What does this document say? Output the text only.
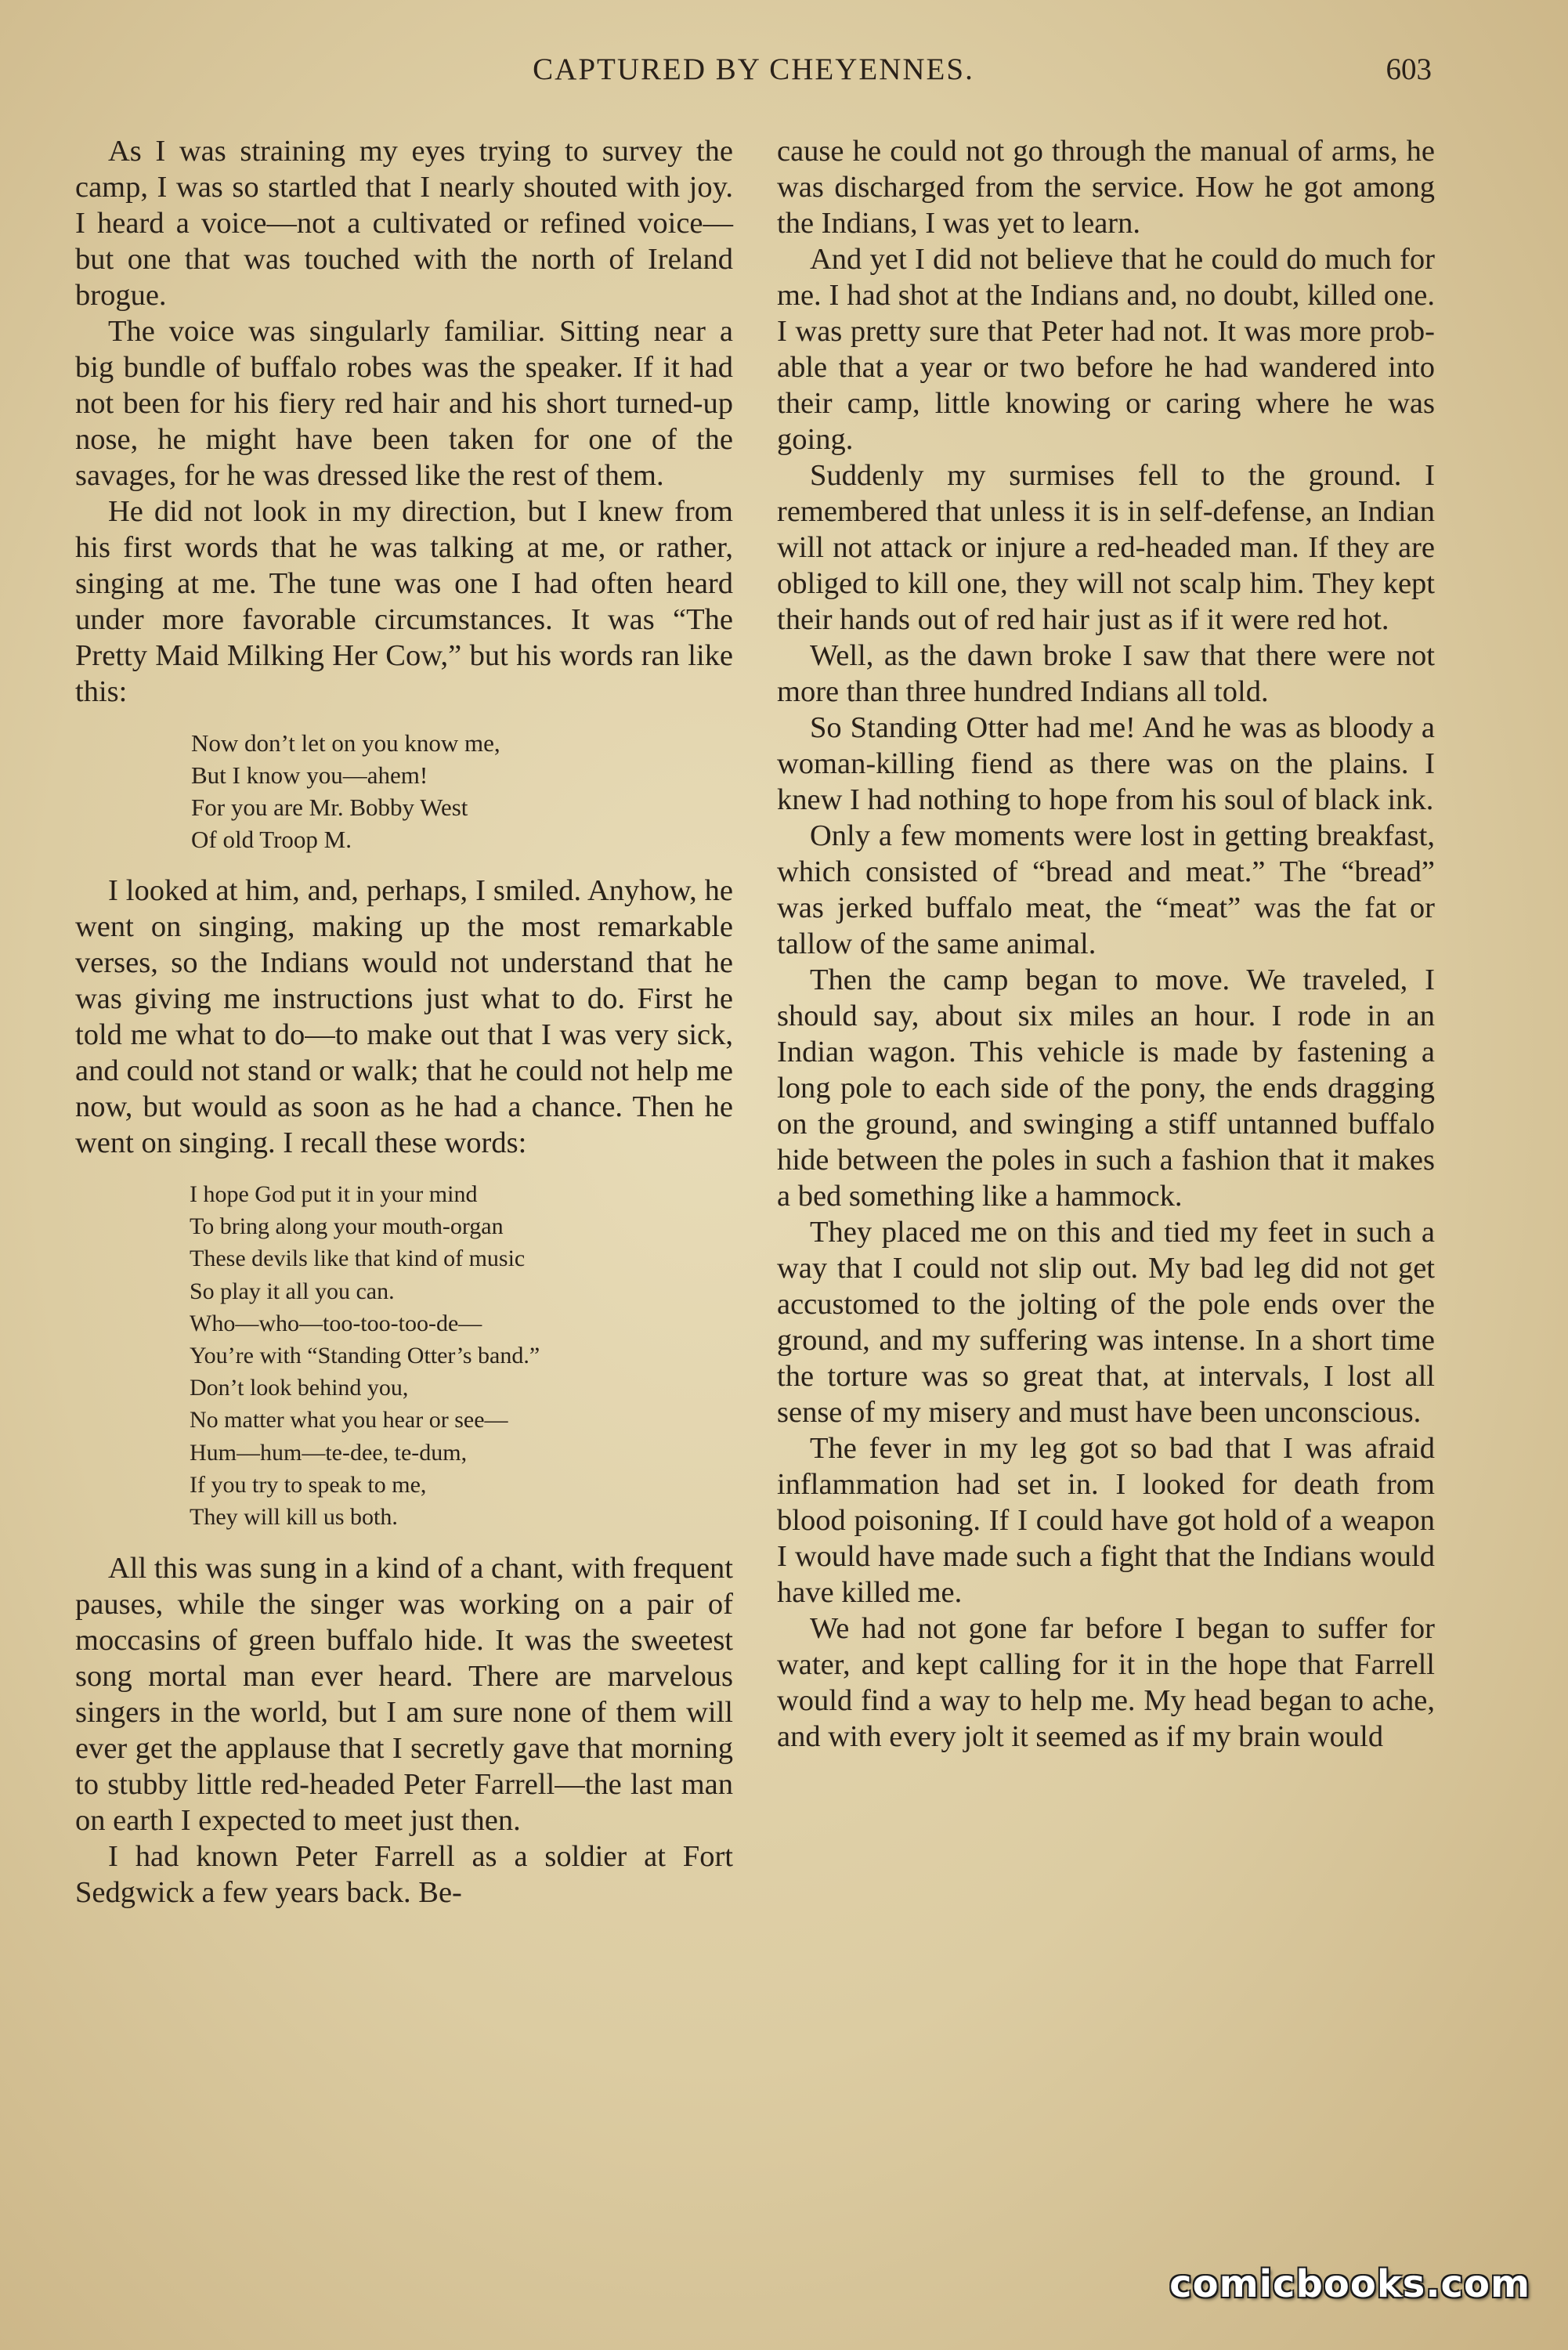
CAPTURED BY CHEYENNES.	603

As I was straining my eyes trying to survey the camp, I was so startled that I nearly shouted with joy. I heard a voice—not a cultivated or refined voice—but one that was touched with the north of Ireland brogue.

The voice was singularly familiar. Sitting near a big bundle of buffalo robes was the speaker. If it had not been for his fiery red hair and his short turned-up nose, he might have been taken for one of the savages, for he was dressed like the rest of them.

He did not look in my direction, but I knew from his first words that he was talking at me, or rather, singing at me. The tune was one I had often heard under more favorable circumstances. It was “The Pretty Maid Milking Her Cow,” but his words ran like this:

Now don’t let on you know me,
But I know you—ahem!
For you are Mr. Bobby West
Of old Troop M.

I looked at him, and, perhaps, I smiled. Anyhow, he went on singing, making up the most remarkable verses, so the Indians would not understand that he was giving me instructions just what to do. First he told me what to do—to make out that I was very sick, and could not stand or walk; that he could not help me now, but would as soon as he had a chance. Then he went on singing. I recall these words:

I hope God put it in your mind
To bring along your mouth-organ
These devils like that kind of music
So play it all you can.
Who—who—too-too-too-de—
You’re with “Standing Otter’s band.”
Don’t look behind you,
No matter what you hear or see—
Hum—hum—te-dee, te-dum,
If you try to speak to me,
They will kill us both.

All this was sung in a kind of a chant, with frequent pauses, while the singer was working on a pair of moccasins of green buffalo hide. It was the sweetest song mortal man ever heard. There are marvelous singers in the world, but I am sure none of them will ever get the applause that I secretly gave that morning to stubby little red-headed Peter Farrell—the last man on earth I expected to meet just then.

I had known Peter Farrell as a soldier at Fort Sedgwick a few years back. Be-

cause he could not go through the manual of arms, he was discharged from the service. How he got among the Indians, I was yet to learn.

And yet I did not believe that he could do much for me. I had shot at the Indians and, no doubt, killed one. I was pretty sure that Peter had not. It was more probable that a year or two before he had wandered into their camp, little knowing or caring where he was going.

Suddenly my surmises fell to the ground. I remembered that unless it is in self-defense, an Indian will not attack or injure a red-headed man. If they are obliged to kill one, they will not scalp him. They kept their hands out of red hair just as if it were red hot.

Well, as the dawn broke I saw that there were not more than three hundred Indians all told.

So Standing Otter had me! And he was as bloody a woman-killing fiend as there was on the plains. I knew I had nothing to hope from his soul of black ink.

Only a few moments were lost in getting breakfast, which consisted of “bread and meat.” The “bread” was jerked buffalo meat, the “meat” was the fat or tallow of the same animal.

Then the camp began to move. We traveled, I should say, about six miles an hour. I rode in an Indian wagon. This vehicle is made by fastening a long pole to each side of the pony, the ends dragging on the ground, and swinging a stiff untanned buffalo hide between the poles in such a fashion that it makes a bed something like a hammock.

They placed me on this and tied my feet in such a way that I could not slip out. My bad leg did not get accustomed to the jolting of the pole ends over the ground, and my suffering was intense. In a short time the torture was so great that, at intervals, I lost all sense of my misery and must have been unconscious.

The fever in my leg got so bad that I was afraid inflammation had set in. I looked for death from blood poisoning. If I could have got hold of a weapon I would have made such a fight that the Indians would have killed me.

We had not gone far before I began to suffer for water, and kept calling for it in the hope that Farrell would find a way to help me. My head began to ache, and with every jolt it seemed as if my brain would

comicbooks.com
